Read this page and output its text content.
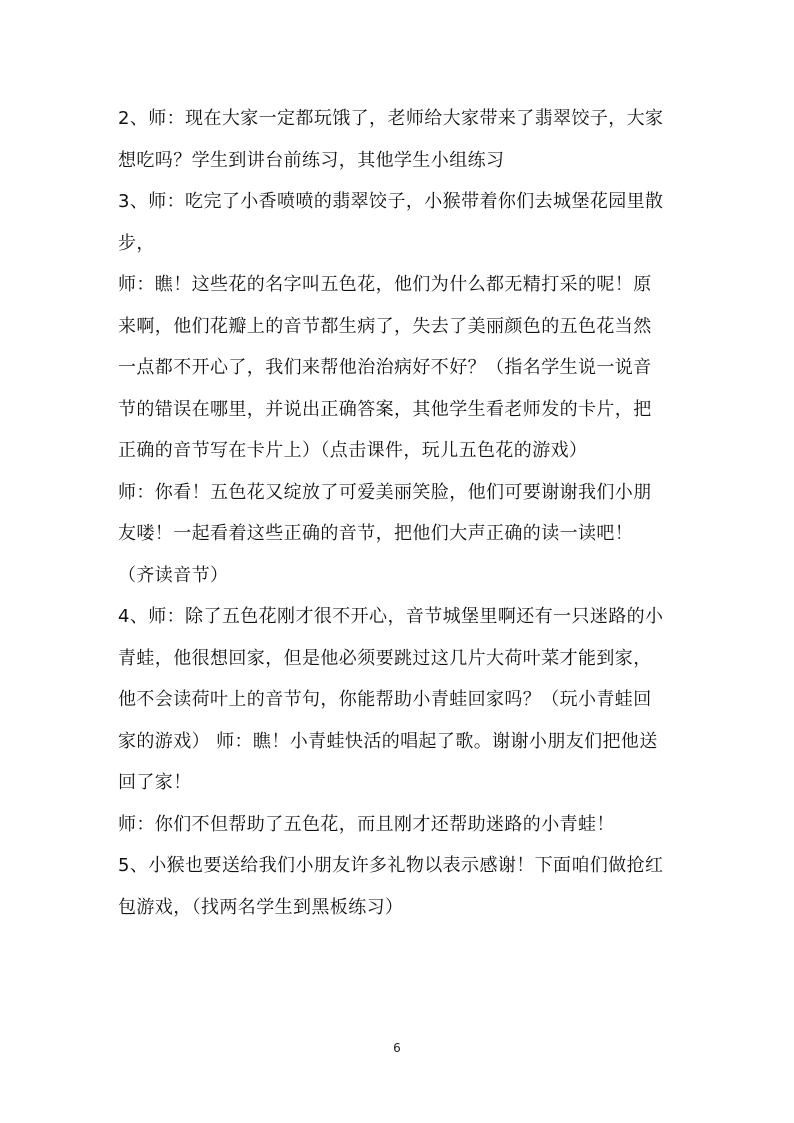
2、师：现在大家一定都玩饿了，老师给大家带来了翡翠饺子，大家
想吃吗？学生到讲台前练习，其他学生小组练习

3、师：吃完了小香喷喷的翡翠饺子，小猴带着你们去城堡花园里散
步，

师：瞧！这些花的名字叫五色花，他们为什么都无精打采的呢！原
来啊，他们花瓣上的音节都生病了，失去了美丽颜色的五色花当然
一点都不开心了，我们来帮他治治病好不好？（指名学生说一说音
节的错误在哪里，并说出正确答案，其他学生看老师发的卡片，把
正确的音节写在卡片上）（点击课件，玩儿五色花的游戏）

师：你看！五色花又绽放了可爱美丽笑脸，他们可要谢谢我们小朋
友喽！一起看着这些正确的音节，把他们大声正确的读一读吧！
（齐读音节）

4、师：除了五色花刚才很不开心，音节城堡里啊还有一只迷路的小
青蛙，他很想回家，但是他必须要跳过这几片大荷叶菜才能到家，
他不会读荷叶上的音节句，你能帮助小青蛙回家吗？（玩小青蛙回
家的游戏） 师：瞧！小青蛙快活的唱起了歌。谢谢小朋友们把他送
回了家！

师：你们不但帮助了五色花，而且刚才还帮助迷路的小青蛙！

5、小猴也要送给我们小朋友许多礼物以表示感谢！下面咱们做抢红
包游戏，（找两名学生到黑板练习）

6
